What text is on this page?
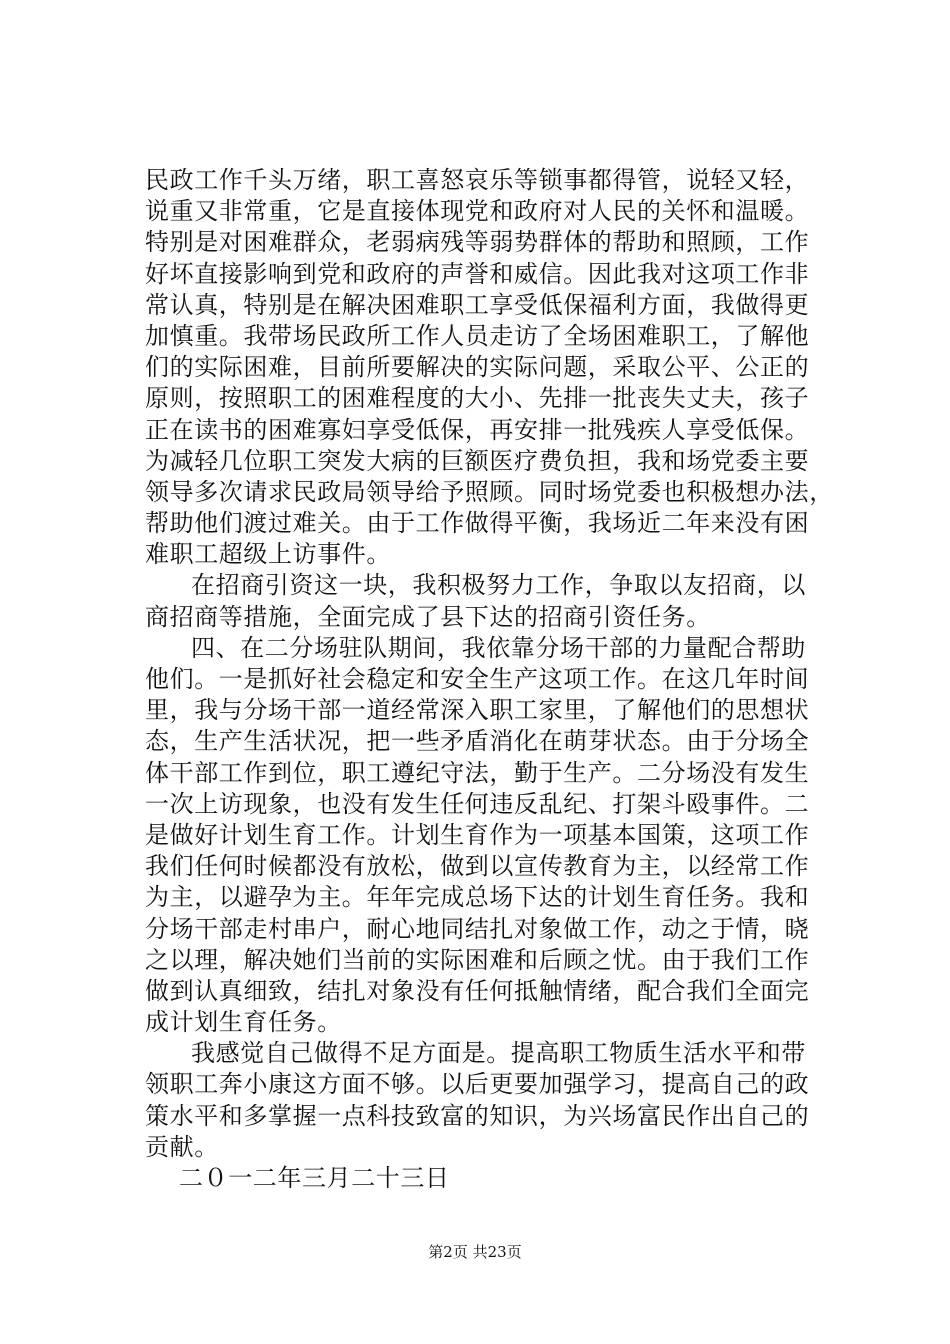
民政工作千头万绪，职工喜怒哀乐等锁事都得管，说轻又轻，
说重又非常重，它是直接体现党和政府对人民的关怀和温暖。
特别是对困难群众，老弱病残等弱势群体的帮助和照顾，工作
好坏直接影响到党和政府的声誉和威信。因此我对这项工作非
常认真，特别是在解决困难职工享受低保福利方面，我做得更
加慎重。我带场民政所工作人员走访了全场困难职工，了解他
们的实际困难，目前所要解决的实际问题，采取公平、公正的
原则，按照职工的困难程度的大小、先排一批丧失丈夫，孩子
正在读书的困难寡妇享受低保，再安排一批残疾人享受低保。
为减轻几位职工突发大病的巨额医疗费负担，我和场党委主要
领导多次请求民政局领导给予照顾。同时场党委也积极想办法，
帮助他们渡过难关。由于工作做得平衡，我场近二年来没有困
难职工超级上访事件。
在招商引资这一块，我积极努力工作，争取以友招商，以
商招商等措施，全面完成了县下达的招商引资任务。
四、在二分场驻队期间，我依靠分场干部的力量配合帮助
他们。一是抓好社会稳定和安全生产这项工作。在这几年时间
里，我与分场干部一道经常深入职工家里，了解他们的思想状
态，生产生活状况，把一些矛盾消化在萌芽状态。由于分场全
体干部工作到位，职工遵纪守法，勤于生产。二分场没有发生
一次上访现象，也没有发生任何违反乱纪、打架斗殴事件。二
是做好计划生育工作。计划生育作为一项基本国策，这项工作
我们任何时候都没有放松，做到以宣传教育为主，以经常工作
为主，以避孕为主。年年完成总场下达的计划生育任务。我和
分场干部走村串户，耐心地同结扎对象做工作，动之于情，晓
之以理，解决她们当前的实际困难和后顾之忧。由于我们工作
做到认真细致，结扎对象没有任何抵触情绪，配合我们全面完
成计划生育任务。
我感觉自己做得不足方面是。提高职工物质生活水平和带
领职工奔小康这方面不够。以后更要加强学习，提高自己的政
策水平和多掌握一点科技致富的知识，为兴场富民作出自己的
贡献。
二０一二年三月二十三日
第2页 共23页
